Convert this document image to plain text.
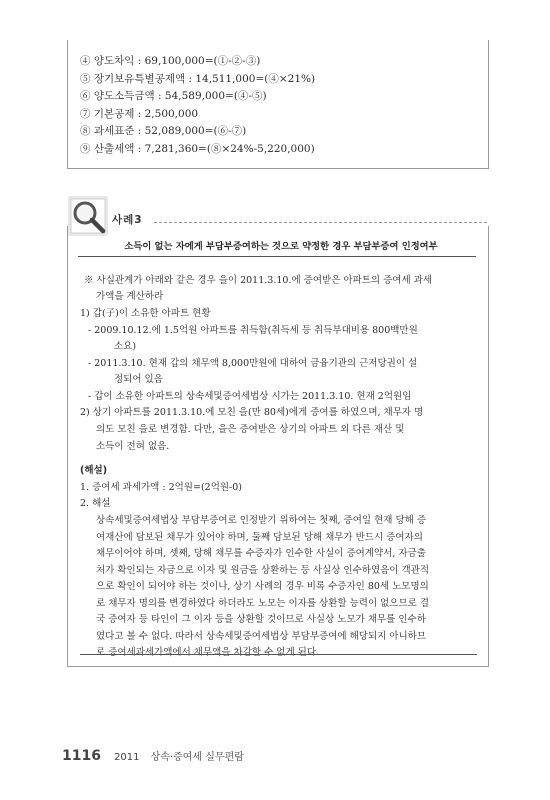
④ 양도차익 : 69,100,000=(①-②-③)
⑤ 장기보유특별공제액 : 14,511,000=(④×21%)
⑥ 양도소득금액 : 54,589,000=(④-⑤)
⑦ 기본공제 : 2,500,000
⑧ 과세표준 : 52,089,000=(⑥-⑦)
⑨ 산출세액 : 7,281,360=(⑧×24%-5,220,000)
사례3
소득이 없는 자에게 부담부증여하는 것으로 약정한 경우 부담부증여 인정여부
※ 사실관계가 아래와 같은 경우 을이 2011.3.10.에 증여받은 아파트의 증여세 과세
가액을 계산하라
1) 갑(子)이 소유한 아파트 현황
- 2009.10.12.에 1.5억원 아파트를 취득함(취득세 등 취득부대비용 800백만원
소요)
- 2011.3.10. 현재 갑의 채무액 8,000만원에 대하여 금융기관의 근저당권이 설
정되어 있음
- 갑이 소유한 아파트의 상속세및증여세법상 시가는 2011.3.10. 현재 2억원임
2) 상기 아파트를 2011.3.10.에 모친 을(만 80세)에게 증여를 하였으며, 채무자 명
의도 모친 을로 변경함. 다만, 을은 증여받은 상기의 아파트 외 다른 재산 및
소득이 전혀 없음.
(해설)
1. 증여세 과세가액 : 2억원=(2억원-0)
2. 해설
상속세및증여세법상 부담부증여로 인정받기 위하여는 첫째, 증여일 현재 당해 증
여재산에 담보된 채무가 있어야 하며, 둘째 담보된 당해 채무가 반드시 증여자의
채무이어야 하며, 셋째, 당해 채무를 수증자가 인수한 사실이 증여계약서, 자금출
처가 확인되는 자금으로 이자 및 원금을 상환하는 등 사실상 인수하였음이 객관적
으로 확인이 되어야 하는 것이나, 상기 사례의 경우 비록 수증자인 80세 노모명의
로 채무자 명의를 변경하였다 하더라도 노모는 이자를 상환할 능력이 없으므로 결
국 증여자 등 타인이 그 이자 등을 상환할 것이므로 사실상 노모가 채무를 인수하
였다고 볼 수 없다. 따라서 상속세및증여세법상 부담부증여에 해당되지 아니하므
로 증여세과세가액에서 채무액을 차감할 수 없게 된다.
1116 2011 상속·증여세 실무편람
